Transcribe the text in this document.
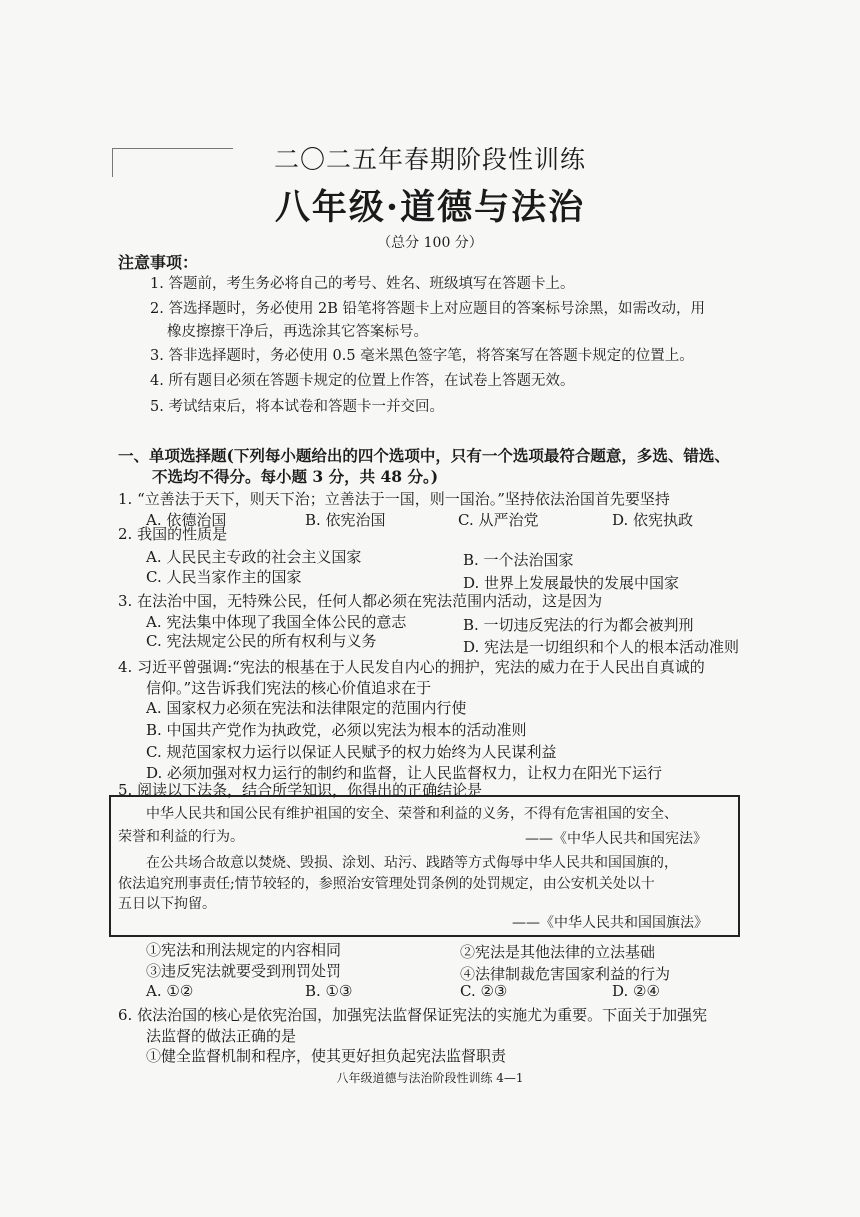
二〇二五年春期阶段性训练
八年级·道德与法治
（总分 100 分）
注意事项：
1. 答题前，考生务必将自己的考号、姓名、班级填写在答题卡上。
2. 答选择题时，务必使用 2B 铅笔将答题卡上对应题目的答案标号涂黑，如需改动，用
橡皮擦擦干净后，再选涂其它答案标号。
3. 答非选择题时，务必使用 0.5 毫米黑色签字笔，将答案写在答题卡规定的位置上。
4. 所有题目必须在答题卡规定的位置上作答，在试卷上答题无效。
5. 考试结束后，将本试卷和答题卡一并交回。
一、单项选择题(下列每小题给出的四个选项中，只有一个选项最符合题意，多选、错选、
不选均不得分。每小题 3 分，共 48 分。)
1. “立善法于天下，则天下治；立善法于一国，则一国治。”坚持依法治国首先要坚持
A. 依德治国	B. 依宪治国	C. 从严治党	D. 依宪执政
2. 我国的性质是
A. 人民民主专政的社会主义国家	B. 一个法治国家
C. 人民当家作主的国家	D. 世界上发展最快的发展中国家
3. 在法治中国，无特殊公民，任何人都必须在宪法范围内活动，这是因为
A. 宪法集中体现了我国全体公民的意志	B. 一切违反宪法的行为都会被判刑
C. 宪法规定公民的所有权利与义务	D. 宪法是一切组织和个人的根本活动准则
4. 习近平曾强调:“宪法的根基在于人民发自内心的拥护，宪法的威力在于人民出自真诚的
信仰。”这告诉我们宪法的核心价值追求在于
A. 国家权力必须在宪法和法律限定的范围内行使
B. 中国共产党作为执政党，必须以宪法为根本的活动准则
C. 规范国家权力运行以保证人民赋予的权力始终为人民谋利益
D. 必须加强对权力运行的制约和监督，让人民监督权力，让权力在阳光下运行
5. 阅读以下法条，结合所学知识，你得出的正确结论是
中华人民共和国公民有维护祖国的安全、荣誉和利益的义务，不得有危害祖国的安全、
荣誉和利益的行为。	——《中华人民共和国宪法》
在公共场合故意以焚烧、毁损、涂划、玷污、践踏等方式侮辱中华人民共和国国旗的，
依法追究刑事责任;情节较轻的，参照治安管理处罚条例的处罚规定，由公安机关处以十
五日以下拘留。
——《中华人民共和国国旗法》
①宪法和刑法规定的内容相同	②宪法是其他法律的立法基础
③违反宪法就要受到刑罚处罚	④法律制裁危害国家利益的行为
A. ①②	B. ①③	C. ②③	D. ②④
6. 依法治国的核心是依宪治国，加强宪法监督保证宪法的实施尤为重要。下面关于加强宪
法监督的做法正确的是
①健全监督机制和程序，使其更好担负起宪法监督职责
八年级道德与法治阶段性训练 4—1
